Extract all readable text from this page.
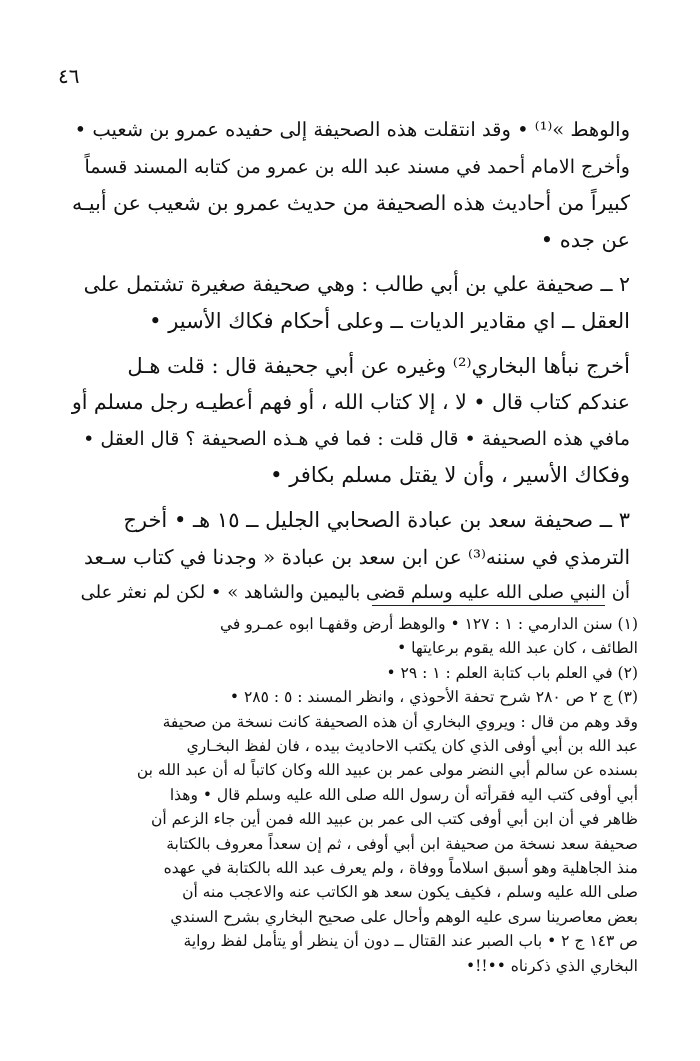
٤٦

والوهط »⁽¹⁾ • وقد انتقلت هذه الصحيفة إلى حفيده عمرو بن شعيب •
وأخرج الامام أحمد في مسند عبد الله بن عمرو من كتابه المسند قسماً
كبيراً من أحاديث هذه الصحيفة من حديث عمرو بن شعيب عن أبيـه
عن جده •

٢ ــ صحيفة علي بن أبي طالب : وهي صحيفة صغيرة تشتمل على
العقل ــ اي مقادير الديات ــ وعلى أحكام فكاك الأسير •

أخرج نبأها البخاري⁽²⁾ وغيره عن أبي جحيفة قال : قلت هـل
عندكم كتاب قال • لا ، إلا كتاب الله ، أو فهم أعطيـه رجل مسلم أو
مافي هذه الصحيفة • قال قلت : فما في هـذه الصحيفة ؟ قال العقل •
وفكاك الأسير ، وأن لا يقتل مسلم بكافر •

٣ ــ صحيفة سعد بن عبادة الصحابي الجليل ــ ١٥ هـ • أخرج
الترمذي في سننه⁽³⁾ عن ابن سعد بن عبادة « وجدنا في كتاب سـعد
أن النبي صلى الله عليه وسلم قضى باليمين والشاهد » • لكن لم نعثر على

(١) سنن الدارمي : ١ : ١٢٧ • والوهط أرض وقفهـا ابوه عمـرو في
الطائف ، كان عبد الله يقوم برعايتها •
(٢) في العلم باب كتابة العلم : ١ : ٢٩ •
(٣) ج ٢ ص ٢٨٠ شرح تحفة الأحوذي ، وانظر المسند : ٥ : ٢٨٥ •
وقد وهم من قال : ويروي البخاري أن هذه الصحيفة كانت نسخة من صحيفة
عبد الله بن أبي أوفى الذي كان يكتب الاحاديث بيده ، فان لفظ البخـاري
بسنده عن سالم أبي النضر مولى عمر بن عبيد الله وكان كاتباً له أن عبد الله بن
أبي أوفى كتب اليه فقرأته أن رسول الله صلى الله عليه وسلم قال • وهذا
ظاهر في أن ابن أبي أوفى كتب الى عمر بن عبيد الله فمن أين جاء الزعم أن
صحيفة سعد نسخة من صحيفة ابن أبي أوفى ، ثم إن سعداً معروف بالكتابة
منذ الجاهلية وهو أسبق اسلاماً ووفاة ، ولم يعرف عبد الله بالكتابة في عهده
صلى الله عليه وسلم ، فكيف يكون سعد هو الكاتب عنه والاعجب منه أن
بعض معاصرينا سرى عليه الوهم وأحال على صحيح البخاري بشرح السندي
ص ١٤٣ ج ٢ • باب الصبر عند القتال ــ دون أن ينظر أو يتأمل لفظ رواية
البخاري الذي ذكرناه ••!!•
